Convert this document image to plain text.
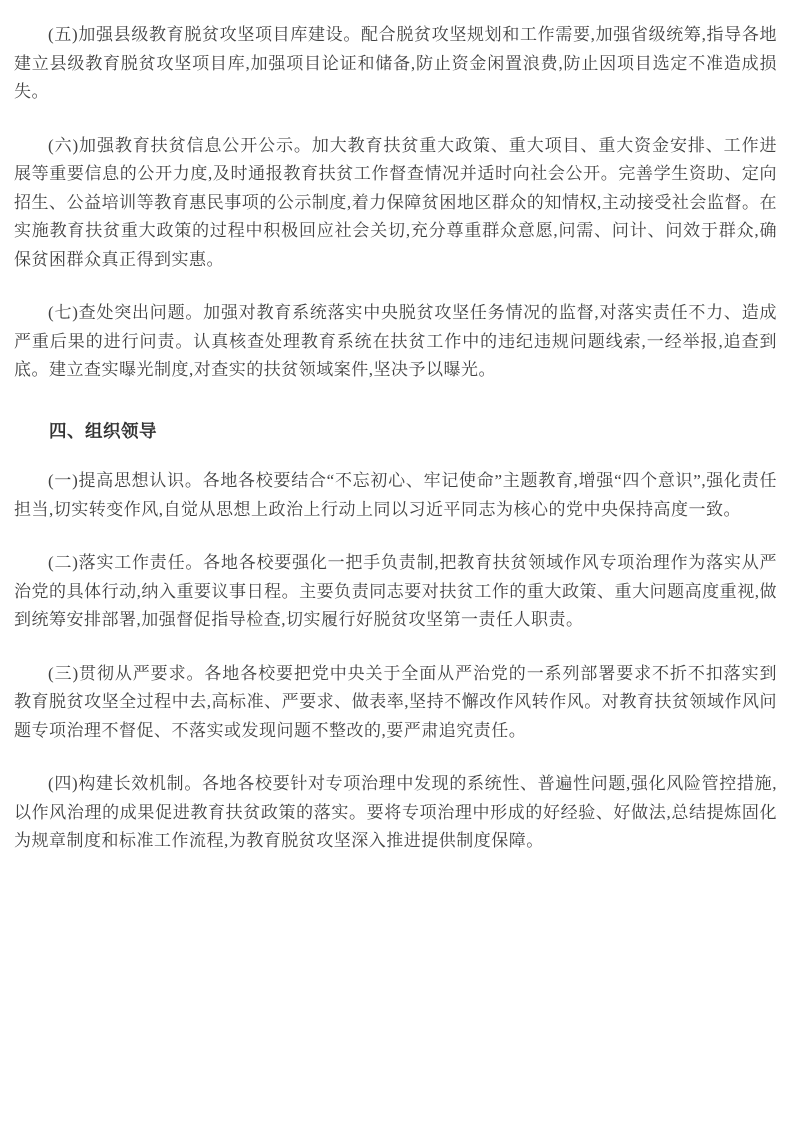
(五)加强县级教育脱贫攻坚项目库建设。配合脱贫攻坚规划和工作需要,加强省级统筹,指导各地建立县级教育脱贫攻坚项目库,加强项目论证和储备,防止资金闲置浪费,防止因项目选定不准造成损失。

(六)加强教育扶贫信息公开公示。加大教育扶贫重大政策、重大项目、重大资金安排、工作进展等重要信息的公开力度,及时通报教育扶贫工作督查情况并适时向社会公开。完善学生资助、定向招生、公益培训等教育惠民事项的公示制度,着力保障贫困地区群众的知情权,主动接受社会监督。在实施教育扶贫重大政策的过程中积极回应社会关切,充分尊重群众意愿,问需、问计、问效于群众,确保贫困群众真正得到实惠。

(七)查处突出问题。加强对教育系统落实中央脱贫攻坚任务情况的监督,对落实责任不力、造成严重后果的进行问责。认真核查处理教育系统在扶贫工作中的违纪违规问题线索,一经举报,追查到底。建立查实曝光制度,对查实的扶贫领域案件,坚决予以曝光。

四、组织领导

(一)提高思想认识。各地各校要结合“不忘初心、牢记使命”主题教育,增强“四个意识”,强化责任担当,切实转变作风,自觉从思想上政治上行动上同以习近平同志为核心的党中央保持高度一致。

(二)落实工作责任。各地各校要强化一把手负责制,把教育扶贫领域作风专项治理作为落实从严治党的具体行动,纳入重要议事日程。主要负责同志要对扶贫工作的重大政策、重大问题高度重视,做到统筹安排部署,加强督促指导检查,切实履行好脱贫攻坚第一责任人职责。

(三)贯彻从严要求。各地各校要把党中央关于全面从严治党的一系列部署要求不折不扣落实到教育脱贫攻坚全过程中去,高标准、严要求、做表率,坚持不懈改作风转作风。对教育扶贫领域作风问题专项治理不督促、不落实或发现问题不整改的,要严肃追究责任。

(四)构建长效机制。各地各校要针对专项治理中发现的系统性、普遍性问题,强化风险管控措施,以作风治理的成果促进教育扶贫政策的落实。要将专项治理中形成的好经验、好做法,总结提炼固化为规章制度和标准工作流程,为教育脱贫攻坚深入推进提供制度保障。
